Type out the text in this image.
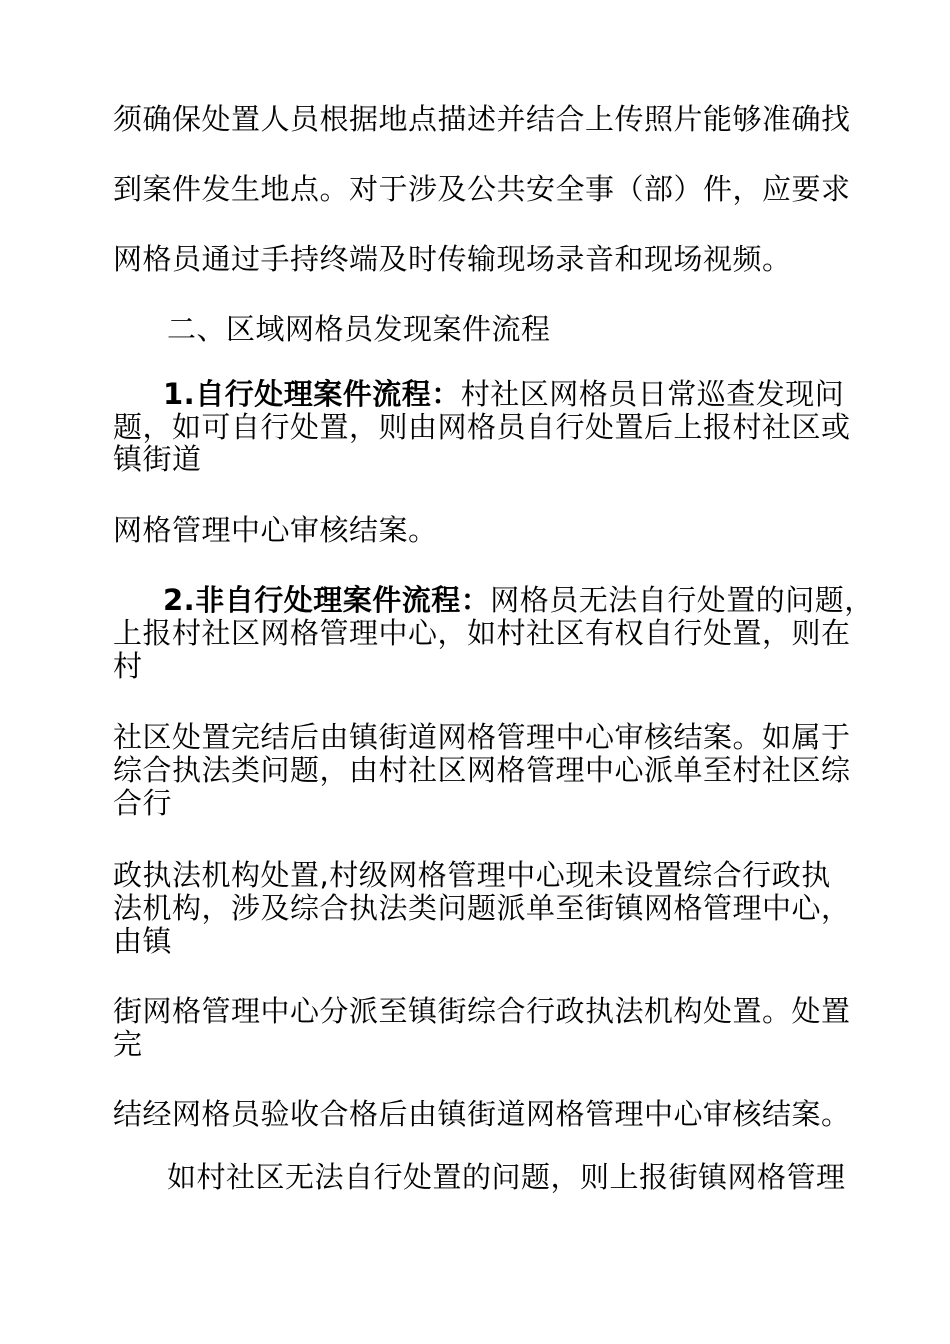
须确保处置人员根据地点描述并结合上传照片能够准确找
到案件发生地点。对于涉及公共安全事（部）件，应要求
网格员通过手持终端及时传输现场录音和现场视频。
二、区域网格员发现案件流程
1.自行处理案件流程：村社区网格员日常巡查发现问
题，如可自行处置，则由网格员自行处置后上报村社区或
镇街道
网格管理中心审核结案。
2.非自行处理案件流程：网格员无法自行处置的问题，
上报村社区网格管理中心，如村社区有权自行处置，则在
村
社区处置完结后由镇街道网格管理中心审核结案。如属于
综合执法类问题，由村社区网格管理中心派单至村社区综
合行
政执法机构处置,村级网格管理中心现未设置综合行政执
法机构，涉及综合执法类问题派单至街镇网格管理中心，
由镇
街网格管理中心分派至镇街综合行政执法机构处置。处置
完
结经网格员验收合格后由镇街道网格管理中心审核结案。
如村社区无法自行处置的问题，则上报街镇网格管理
